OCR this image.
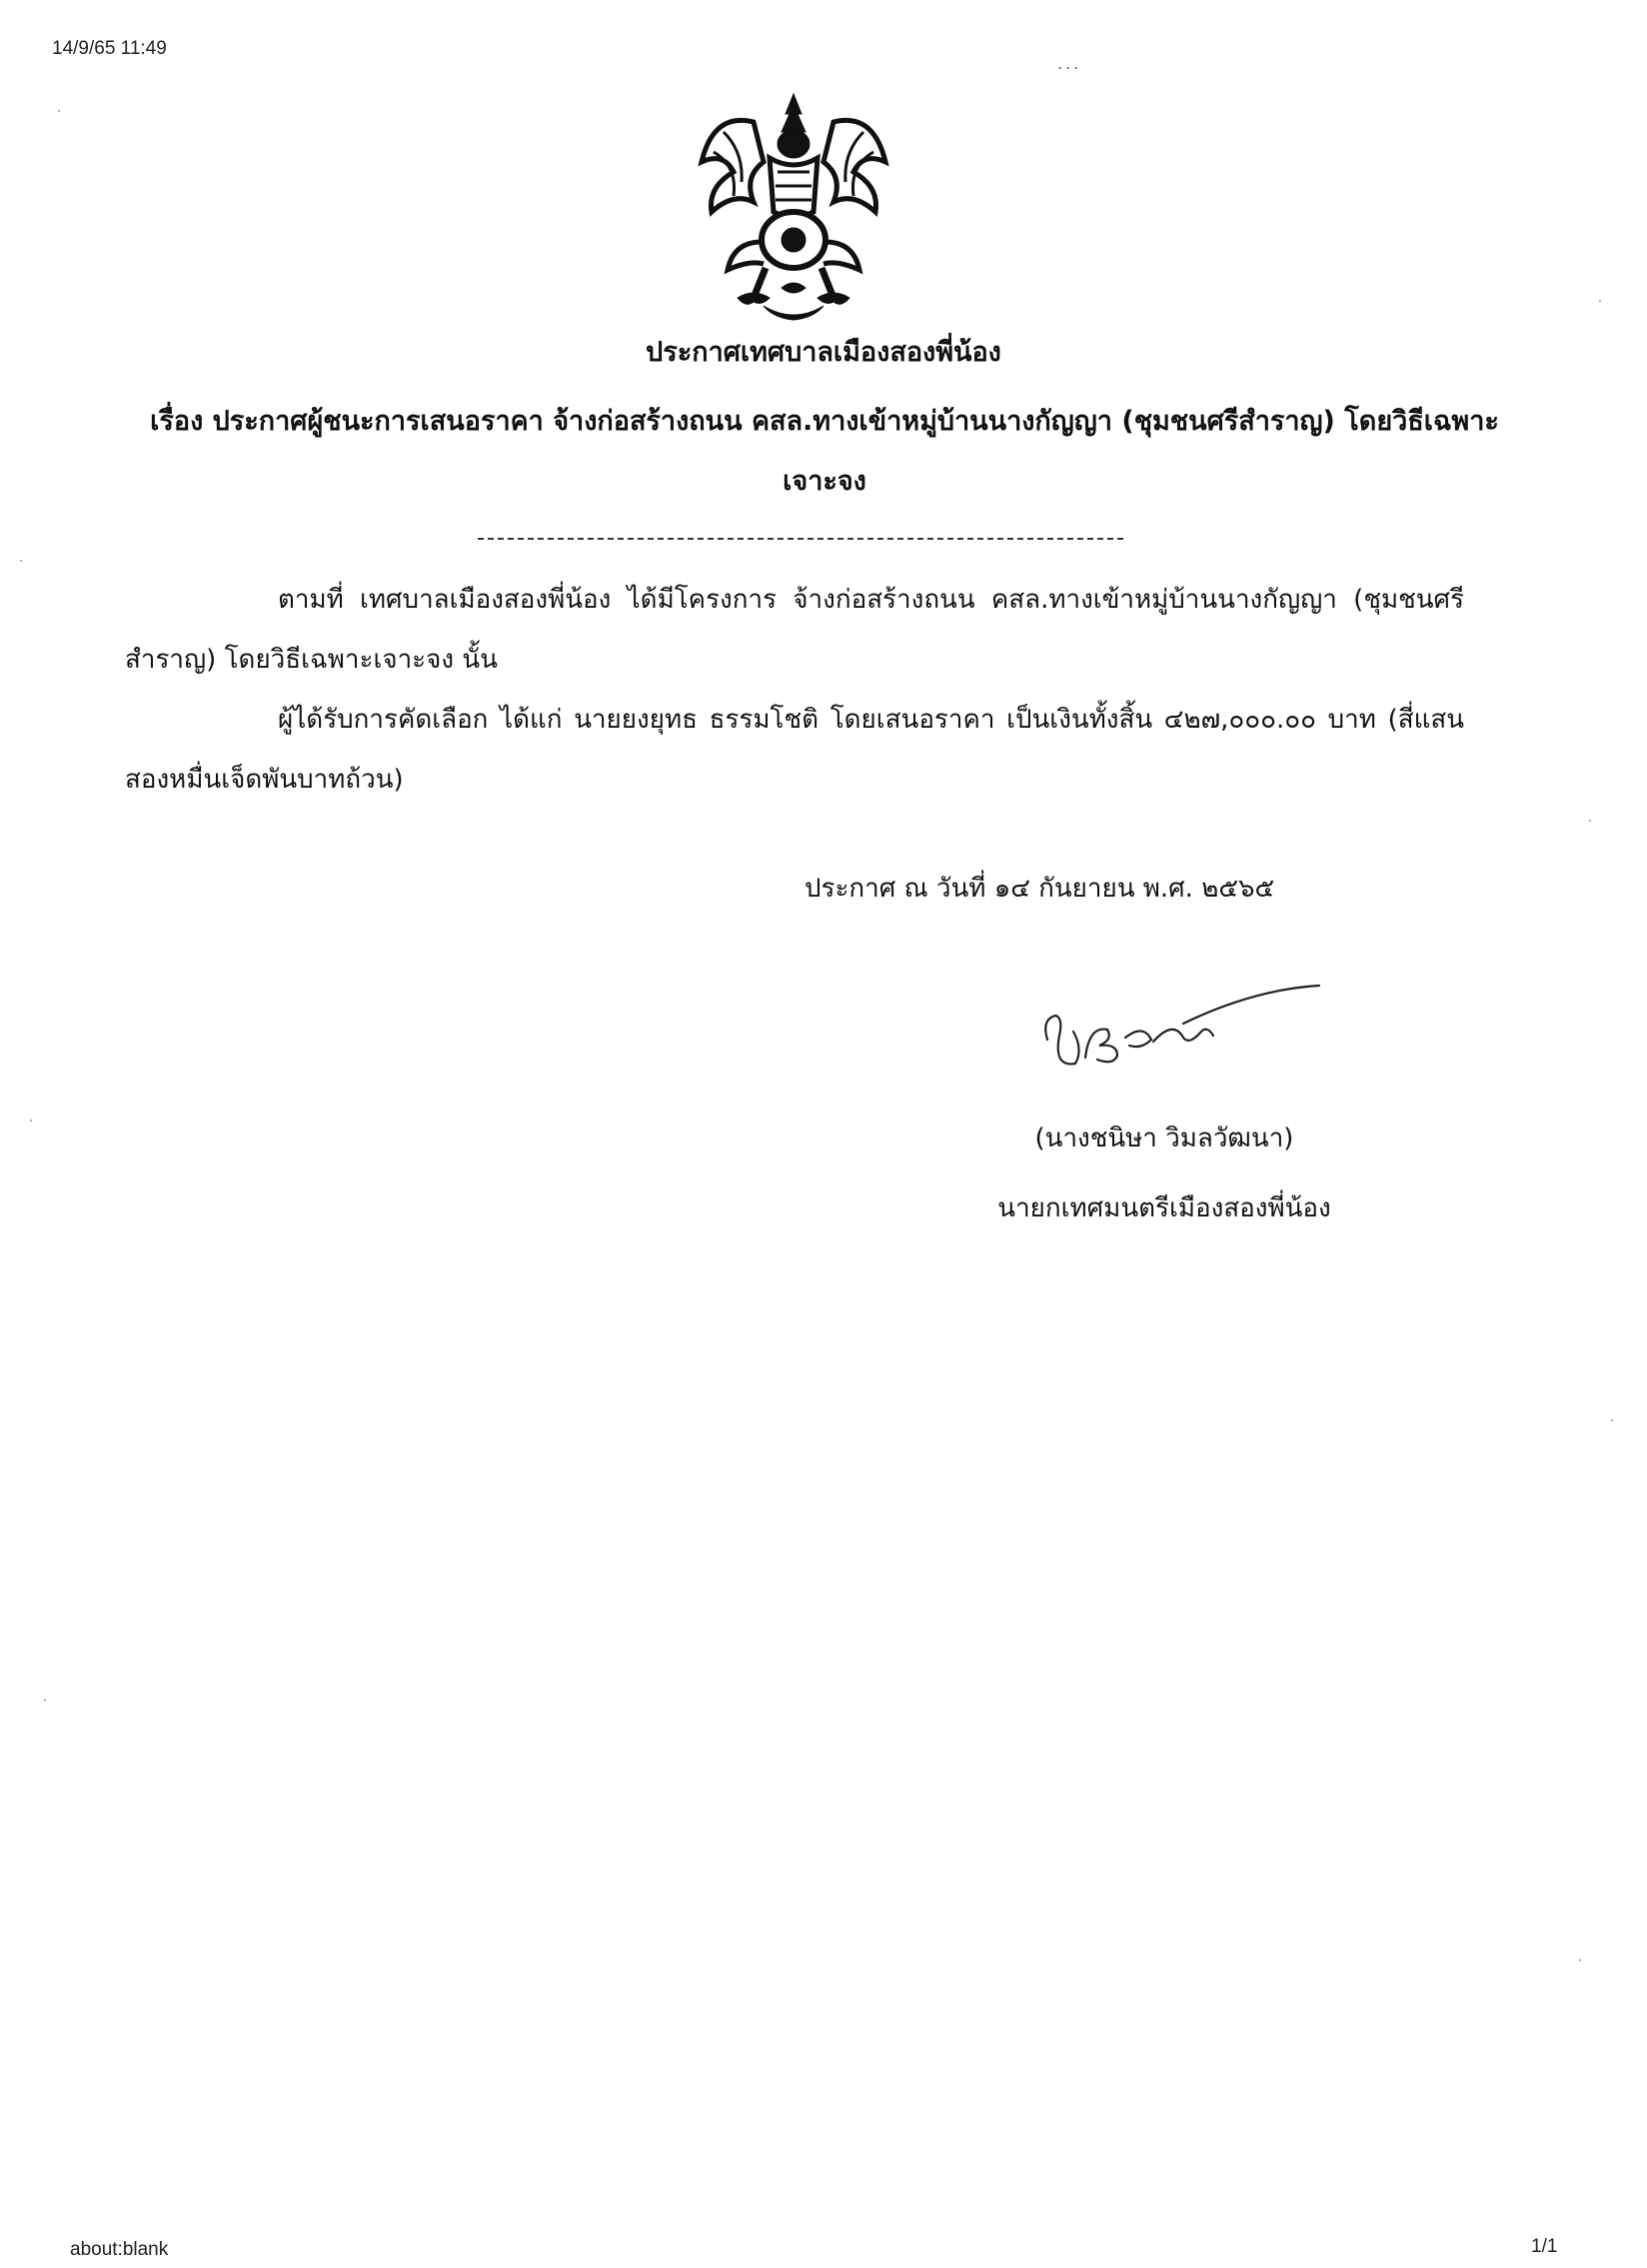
14/9/65 11:49
...
ประกาศเทศบาลเมืองสองพี่น้อง
เรื่อง ประกาศผู้ชนะการเสนอราคา จ้างก่อสร้างถนน คสล.ทางเข้าหมู่บ้านนางกัญญา (ชุมชนศรีสำราญ) โดยวิธีเฉพาะเจาะจง
ตามที่ เทศบาลเมืองสองพี่น้อง ได้มีโครงการ จ้างก่อสร้างถนน คสล.ทางเข้าหมู่บ้านนางกัญญา (ชุมชนศรีสำราญ) โดยวิธีเฉพาะเจาะจง นั้น
ผู้ได้รับการคัดเลือก ได้แก่ นายยงยุทธ ธรรมโชติ โดยเสนอราคา เป็นเงินทั้งสิ้น ๔๒๗,๐๐๐.๐๐ บาท (สี่แสนสองหมื่นเจ็ดพันบาทถ้วน)
ประกาศ ณ วันที่ ๑๔ กันยายน พ.ศ. ๒๕๖๕
(นางชนิษา วิมลวัฒนา)
นายกเทศมนตรีเมืองสองพี่น้อง
about:blank	1/1
